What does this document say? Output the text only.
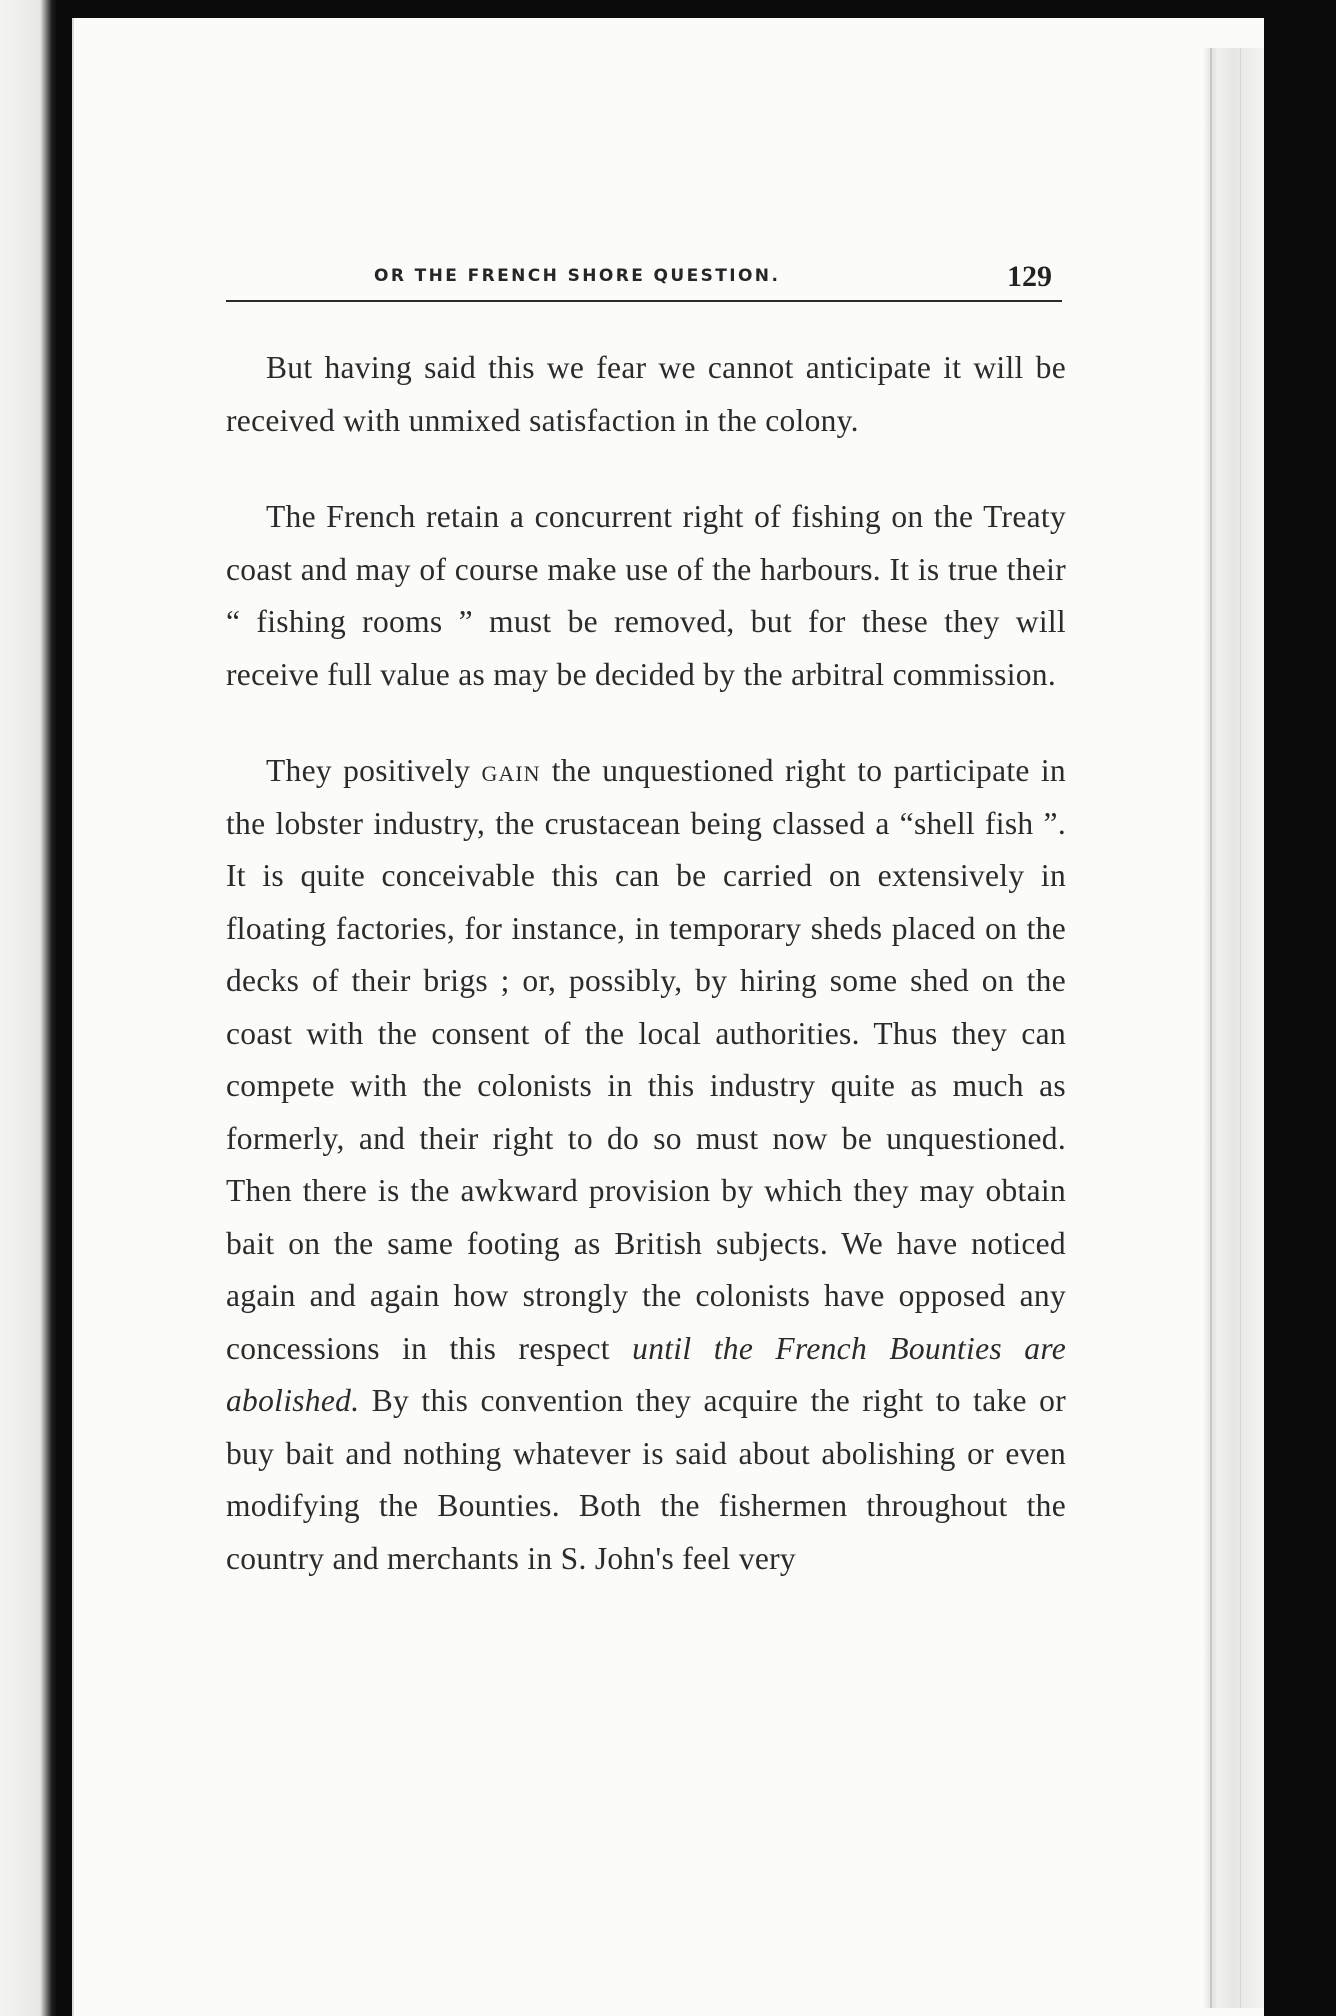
OR THE FRENCH SHORE QUESTION.	129

But having said this we fear we cannot anticipate it will be received with unmixed satisfaction in the colony.

The French retain a concurrent right of fishing on the Treaty coast and may of course make use of the harbours. It is true their “ fishing rooms ” must be removed, but for these they will receive full value as may be decided by the arbitral commission.

They positively gain the unquestioned right to participate in the lobster industry, the crustacean being classed a “shell fish ”. It is quite conceivable this can be carried on extensively in floating factories, for instance, in temporary sheds placed on the decks of their brigs ; or, possibly, by hiring some shed on the coast with the consent of the local authorities. Thus they can compete with the colonists in this industry quite as much as formerly, and their right to do so must now be unquestioned. Then there is the awkward provision by which they may obtain bait on the same footing as British subjects. We have noticed again and again how strongly the colonists have opposed any concessions in this respect until the French Bounties are abolished. By this convention they acquire the right to take or buy bait and nothing whatever is said about abolishing or even modifying the Bounties. Both the fishermen throughout the country and merchants in S. John's feel very
